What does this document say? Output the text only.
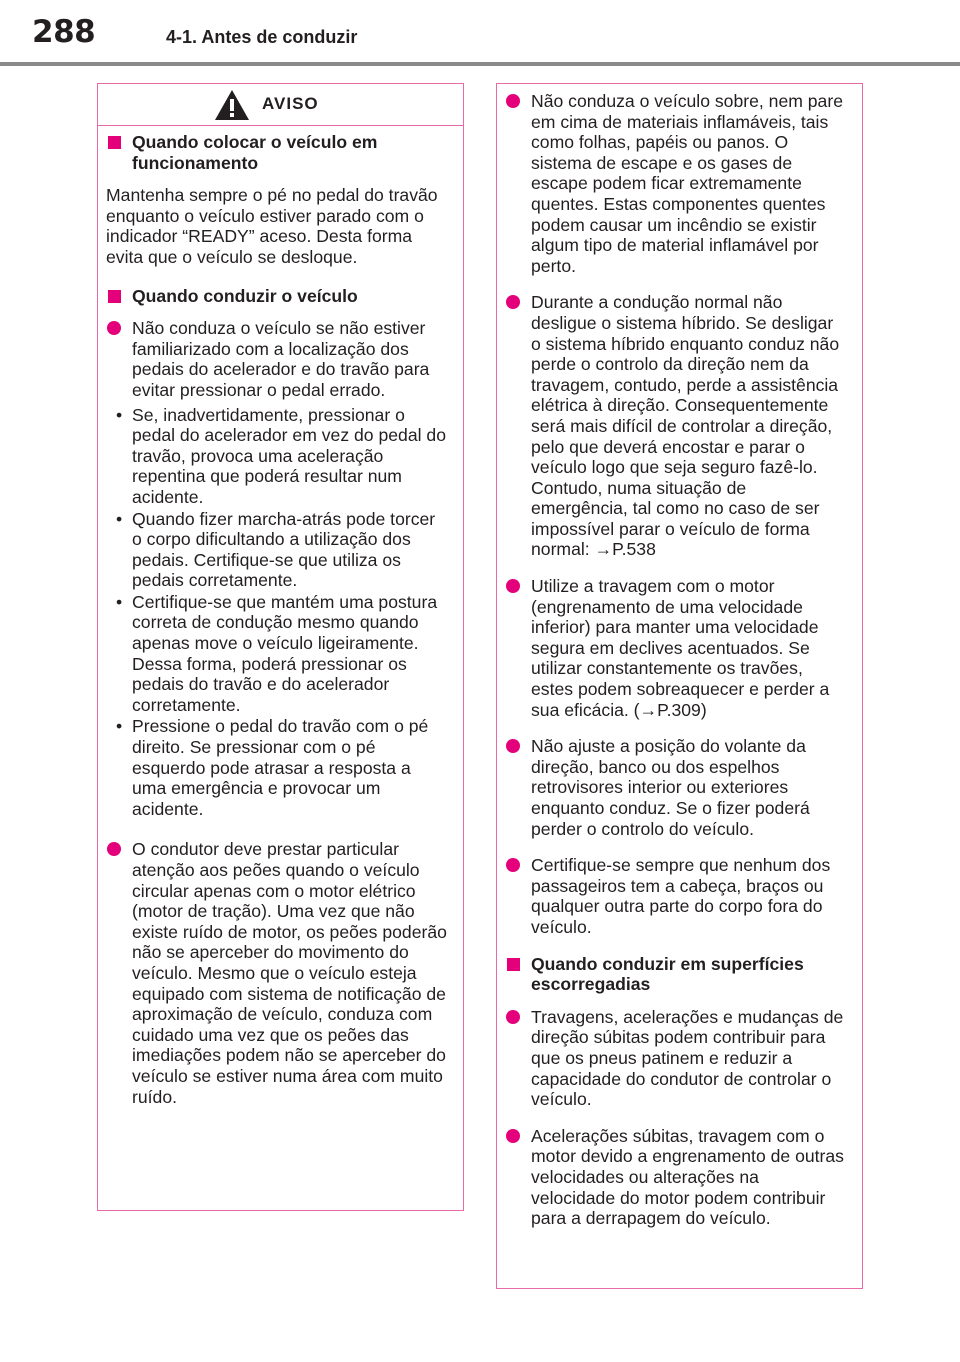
288	4-1. Antes de conduzir
AVISO
Quando colocar o veículo em funcionamento
Mantenha sempre o pé no pedal do travão enquanto o veículo estiver parado com o indicador “READY” aceso. Desta forma evita que o veículo se desloque.
Quando conduzir o veículo
Não conduza o veículo se não estiver familiarizado com a localização dos pedais do acelerador e do travão para evitar pressionar o pedal errado.
• Se, inadvertidamente, pressionar o pedal do acelerador em vez do pedal do travão, provoca uma aceleração repentina que poderá resultar num acidente.
• Quando fizer marcha-atrás pode torcer o corpo dificultando a utilização dos pedais. Certifique-se que utiliza os pedais corretamente.
• Certifique-se que mantém uma postura correta de condução mesmo quando apenas move o veículo ligeiramente. Dessa forma, poderá pressionar os pedais do travão e do acelerador corretamente.
• Pressione o pedal do travão com o pé direito. Se pressionar com o pé esquerdo pode atrasar a resposta a uma emergência e provocar um acidente.
O condutor deve prestar particular atenção aos peões quando o veículo circular apenas com o motor elétrico (motor de tração). Uma vez que não existe ruído de motor, os peões poderão não se aperceber do movimento do veículo. Mesmo que o veículo esteja equipado com sistema de notificação de aproximação de veículo, conduza com cuidado uma vez que os peões das imediações podem não se aperceber do veículo se estiver numa área com muito ruído.
Não conduza o veículo sobre, nem pare em cima de materiais inflamáveis, tais como folhas, papéis ou panos. O sistema de escape e os gases de escape podem ficar extremamente quentes. Estas componentes quentes podem causar um incêndio se existir algum tipo de material inflamável por perto.
Durante a condução normal não desligue o sistema híbrido. Se desligar o sistema híbrido enquanto conduz não perde o controlo da direção nem da travagem, contudo, perde a assistência elétrica à direção. Consequentemente será mais difícil de controlar a direção, pelo que deverá encostar e parar o veículo logo que seja seguro fazê-lo. Contudo, numa situação de emergência, tal como no caso de ser impossível parar o veículo de forma normal: →P.538
Utilize a travagem com o motor (engrenamento de uma velocidade inferior) para manter uma velocidade segura em declives acentuados. Se utilizar constantemente os travões, estes podem sobreaquecer e perder a sua eficácia. (→P.309)
Não ajuste a posição do volante da direção, banco ou dos espelhos retrovisores interior ou exteriores enquanto conduz. Se o fizer poderá perder o controlo do veículo.
Certifique-se sempre que nenhum dos passageiros tem a cabeça, braços ou qualquer outra parte do corpo fora do veículo.
Quando conduzir em superfícies escorregadias
Travagens, acelerações e mudanças de direção súbitas podem contribuir para que os pneus patinem e reduzir a capacidade do condutor de controlar o veículo.
Acelerações súbitas, travagem com o motor devido a engrenamento de outras velocidades ou alterações na velocidade do motor podem contribuir para a derrapagem do veículo.
